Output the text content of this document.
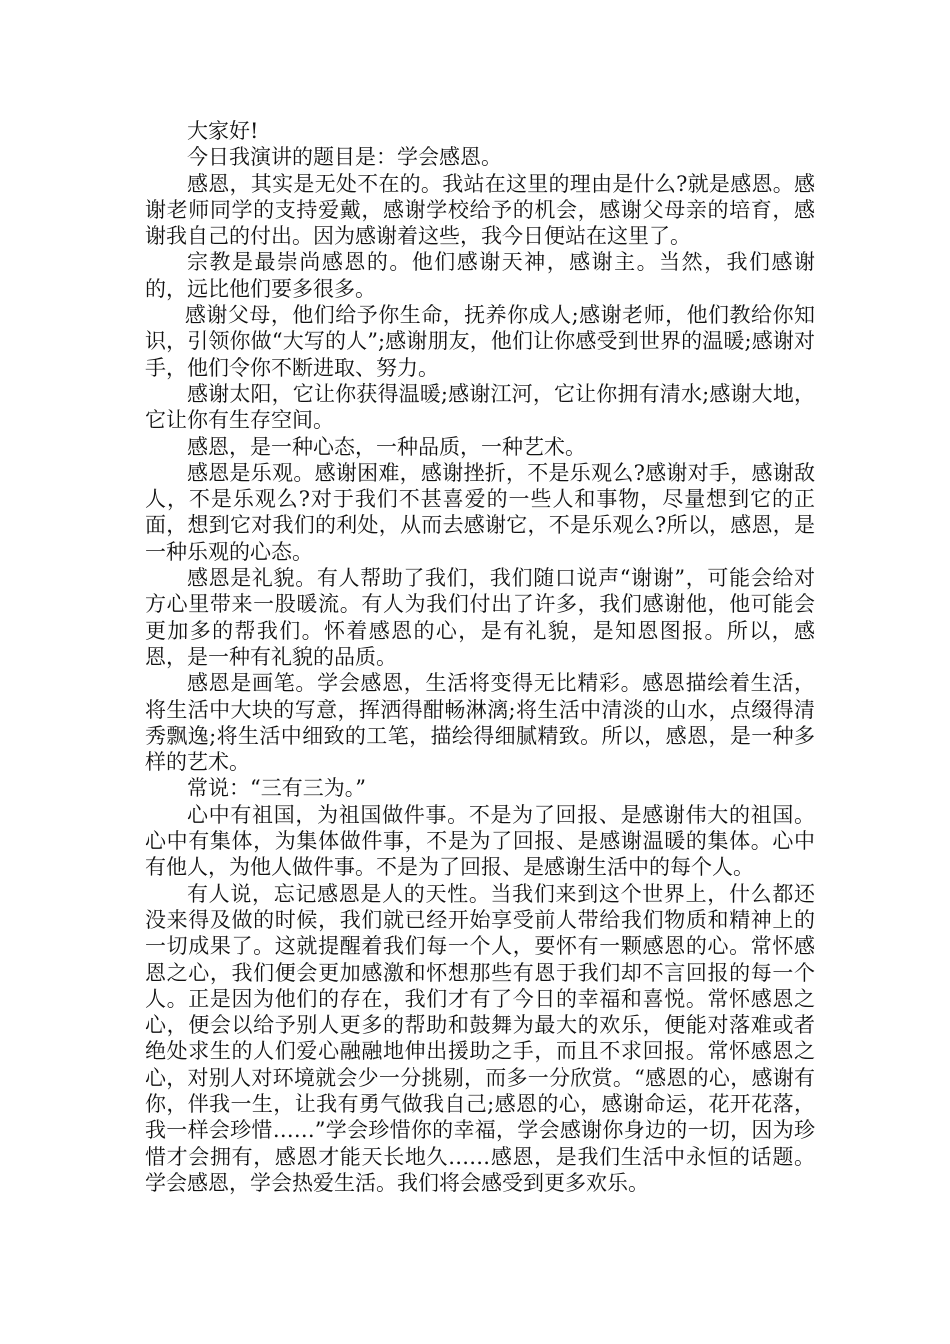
大家好!

今日我演讲的题目是：学会感恩。

感恩，其实是无处不在的。我站在这里的理由是什么?就是感恩。感谢老师同学的支持爱戴，感谢学校给予的机会，感谢父母亲的培育，感谢我自己的付出。因为感谢着这些，我今日便站在这里了。

宗教是最崇尚感恩的。他们感谢天神，感谢主。当然，我们感谢的，远比他们要多很多。

感谢父母，他们给予你生命，抚养你成人;感谢老师，他们教给你知识，引领你做“大写的人”;感谢朋友，他们让你感受到世界的温暖;感谢对手，他们令你不断进取、努力。

感谢太阳，它让你获得温暖;感谢江河，它让你拥有清水;感谢大地，它让你有生存空间。

感恩，是一种心态，一种品质，一种艺术。

感恩是乐观。感谢困难，感谢挫折，不是乐观么?感谢对手，感谢敌人，不是乐观么?对于我们不甚喜爱的一些人和事物，尽量想到它的正面，想到它对我们的利处，从而去感谢它，不是乐观么?所以，感恩，是一种乐观的心态。

感恩是礼貌。有人帮助了我们，我们随口说声“谢谢”，可能会给对方心里带来一股暖流。有人为我们付出了许多，我们感谢他，他可能会更加多的帮我们。怀着感恩的心，是有礼貌，是知恩图报。所以，感恩，是一种有礼貌的品质。

感恩是画笔。学会感恩，生活将变得无比精彩。感恩描绘着生活，将生活中大块的写意，挥洒得酣畅淋漓;将生活中清淡的山水，点缀得清秀飘逸;将生活中细致的工笔，描绘得细腻精致。所以，感恩，是一种多样的艺术。

常说：“三有三为。”

心中有祖国，为祖国做件事。不是为了回报、是感谢伟大的祖国。心中有集体，为集体做件事，不是为了回报、是感谢温暖的集体。心中有他人，为他人做件事。不是为了回报、是感谢生活中的每个人。

有人说，忘记感恩是人的天性。当我们来到这个世界上，什么都还没来得及做的时候，我们就已经开始享受前人带给我们物质和精神上的一切成果了。这就提醒着我们每一个人，要怀有一颗感恩的心。常怀感恩之心，我们便会更加感激和怀想那些有恩于我们却不言回报的每一个人。正是因为他们的存在，我们才有了今日的幸福和喜悦。常怀感恩之心，便会以给予别人更多的帮助和鼓舞为最大的欢乐，便能对落难或者绝处求生的人们爱心融融地伸出援助之手，而且不求回报。常怀感恩之心，对别人对环境就会少一分挑剔，而多一分欣赏。“感恩的心，感谢有你，伴我一生，让我有勇气做我自己;感恩的心，感谢命运，花开花落，我一样会珍惜……”学会珍惜你的幸福，学会感谢你身边的一切，因为珍惜才会拥有，感恩才能天长地久……感恩，是我们生活中永恒的话题。学会感恩，学会热爱生活。我们将会感受到更多欢乐。
